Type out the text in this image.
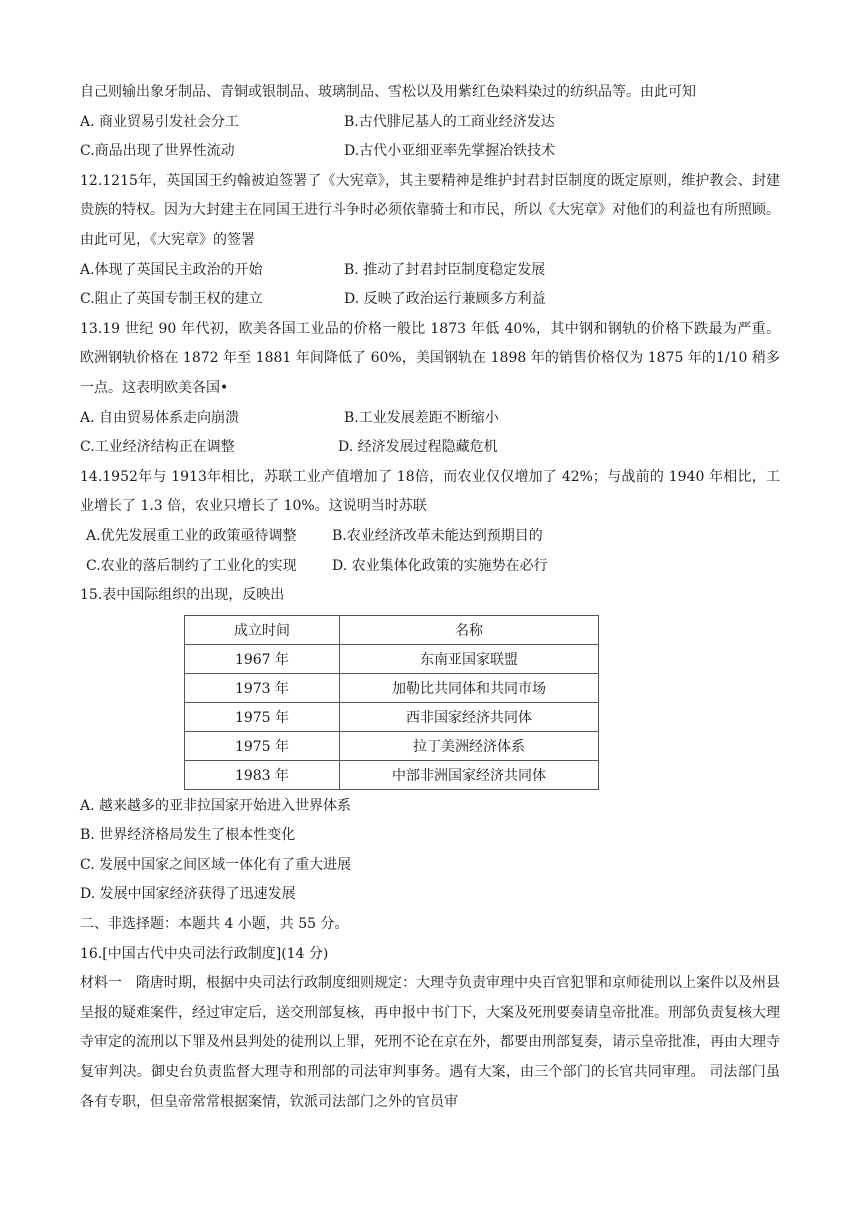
自己则输出象牙制品、青铜或银制品、玻璃制品、雪松以及用紫红色染料染过的纺织品等。由此可知
A. 商业贸易引发社会分工	B.古代腓尼基人的工商业经济发达
C.商品出现了世界性流动	D.古代小亚细亚率先掌握冶铁技术
12.1215年，英国国王约翰被迫签署了《大宪章》，其主要精神是维护封君封臣制度的既定原则，维护教会、封建贵族的特权。因为大封建主在同国王进行斗争时必须依靠骑士和市民，所以《大宪章》对他们的利益也有所照顾。由此可见，《大宪章》的签署
A.体现了英国民主政治的开始	B. 推动了封君封臣制度稳定发展
C.阻止了英国专制王权的建立	D. 反映了政治运行兼顾多方利益
13.19 世纪 90 年代初，欧美各国工业品的价格一般比 1873 年低 40%，其中钢和钢轨的价格下跌最为严重。 欧洲钢轨价格在 1872 年至 1881 年间降低了 60%，美国钢轨在 1898 年的销售价格仅为 1875 年的1/10 稍多一点。这表明欧美各国•
A. 自由贸易体系走向崩溃	B.工业发展差距不断缩小
C.工业经济结构正在调整	D. 经济发展过程隐藏危机
14.1952年与 1913年相比，苏联工业产值增加了 18倍，而农业仅仅增加了 42%；与战前的 1940 年相比，工业增长了 1.3 倍，农业只增长了 10%。这说明当时苏联
A.优先发展重工业的政策亟待调整	B.农业经济改革未能达到预期目的
C.农业的落后制约了工业化的实现	D. 农业集体化政策的实施势在必行
15.表中国际组织的出现，反映出
成立时间	名称
1967 年	东南亚国家联盟
1973 年	加勒比共同体和共同市场
1975 年	西非国家经济共同体
1975 年	拉丁美洲经济体系
1983 年	中部非洲国家经济共同体
A. 越来越多的亚非拉国家开始进入世界体系
B. 世界经济格局发生了根本性变化
C. 发展中国家之间区域一体化有了重大进展
D. 发展中国家经济获得了迅速发展
二、非选择题：本题共 4 小题，共 55 分。
16.[中国古代中央司法行政制度](14 分)
材料一　隋唐时期，根据中央司法行政制度细则规定：大理寺负责审理中央百官犯罪和京师徒刑以上案件以及州县呈报的疑难案件，经过审定后，送交刑部复核，再申报中书门下，大案及死刑要奏请皇帝批准。刑部负责复核大理寺审定的流刑以下罪及州县判处的徒刑以上罪，死刑不论在京在外，都要由刑部复奏，请示皇帝批准，再由大理寺复审判决。御史台负责监督大理寺和刑部的司法审判事务。遇有大案，由三个部门的长官共同审理。 司法部门虽各有专职，但皇帝常常根据案情，钦派司法部门之外的官员审
